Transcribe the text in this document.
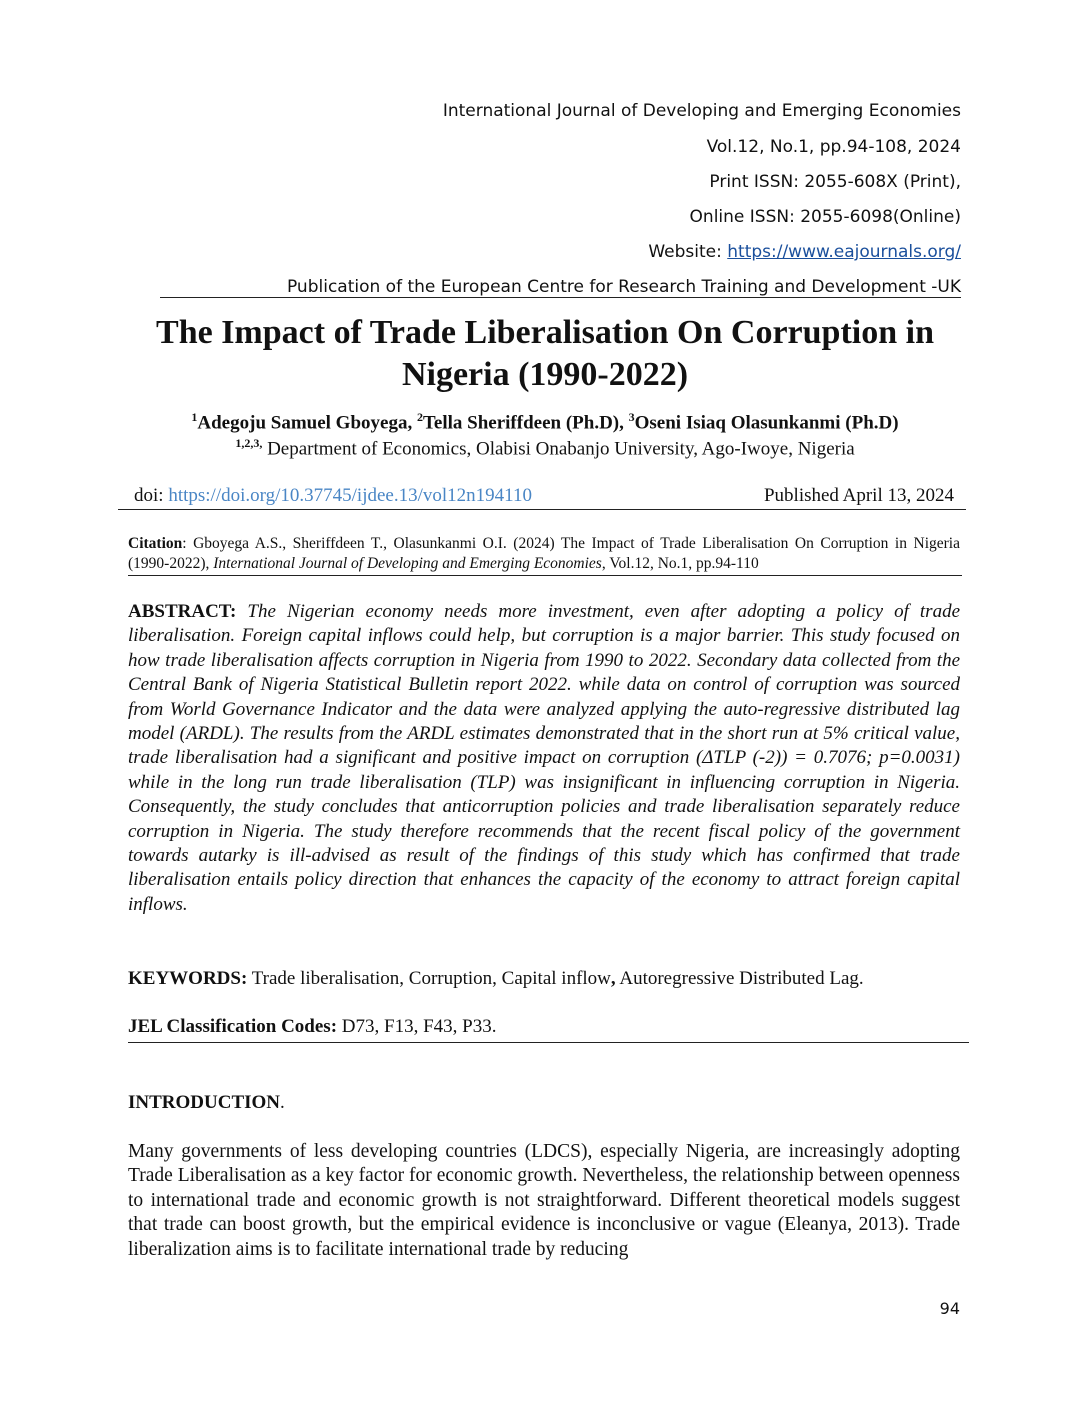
International Journal of Developing and Emerging Economies
Vol.12, No.1, pp.94-108, 2024
Print ISSN: 2055-608X (Print),
Online ISSN: 2055-6098(Online)
Website: https://www.eajournals.org/
Publication of the European Centre for Research Training and Development -UK
The Impact of Trade Liberalisation On Corruption in
Nigeria (1990-2022)
$^1$Adegoju Samuel Gboyega, $^2$Tella Sheriffdeen (Ph.D), $^3$Oseni Isiaq Olasunkanmi (Ph.D)
$^{1,2,3,}$ Department of Economics, Olabisi Onabanjo University, Ago-Iwoye, Nigeria
doi: https://doi.org/10.37745/ijdee.13/vol12n194110	Published April 13, 2024
Citation: Gboyega A.S., Sheriffdeen T., Olasunkanmi O.I. (2024) The Impact of Trade Liberalisation On Corruption in Nigeria (1990-2022), International Journal of Developing and Emerging Economies, Vol.12, No.1, pp.94-110
ABSTRACT: The Nigerian economy needs more investment, even after adopting a policy of trade liberalisation. Foreign capital inflows could help, but corruption is a major barrier. This study focused on how trade liberalisation affects corruption in Nigeria from 1990 to 2022. Secondary data collected from the Central Bank of Nigeria Statistical Bulletin report 2022. while data on control of corruption was sourced from World Governance Indicator and the data were analyzed applying the auto-regressive distributed lag model (ARDL). The results from the ARDL estimates demonstrated that in the short run at 5% critical value, trade liberalisation had a significant and positive impact on corruption (ΔTLP (-2)) = 0.7076; p=0.0031) while in the long run trade liberalisation (TLP) was insignificant in influencing corruption in Nigeria. Consequently, the study concludes that anticorruption policies and trade liberalisation separately reduce corruption in Nigeria. The study therefore recommends that the recent fiscal policy of the government towards autarky is ill-advised as result of the findings of this study which has confirmed that trade liberalisation entails policy direction that enhances the capacity of the economy to attract foreign capital inflows.
KEYWORDS: Trade liberalisation, Corruption, Capital inflow, Autoregressive Distributed Lag.
JEL Classification Codes: D73, F13, F43, P33.
INTRODUCTION.
Many governments of less developing countries (LDCS), especially Nigeria, are increasingly adopting Trade Liberalisation as a key factor for economic growth. Nevertheless, the relationship between openness to international trade and economic growth is not straightforward. Different theoretical models suggest that trade can boost growth, but the empirical evidence is inconclusive or vague (Eleanya, 2013). Trade liberalization aims is to facilitate international trade by reducing
94
